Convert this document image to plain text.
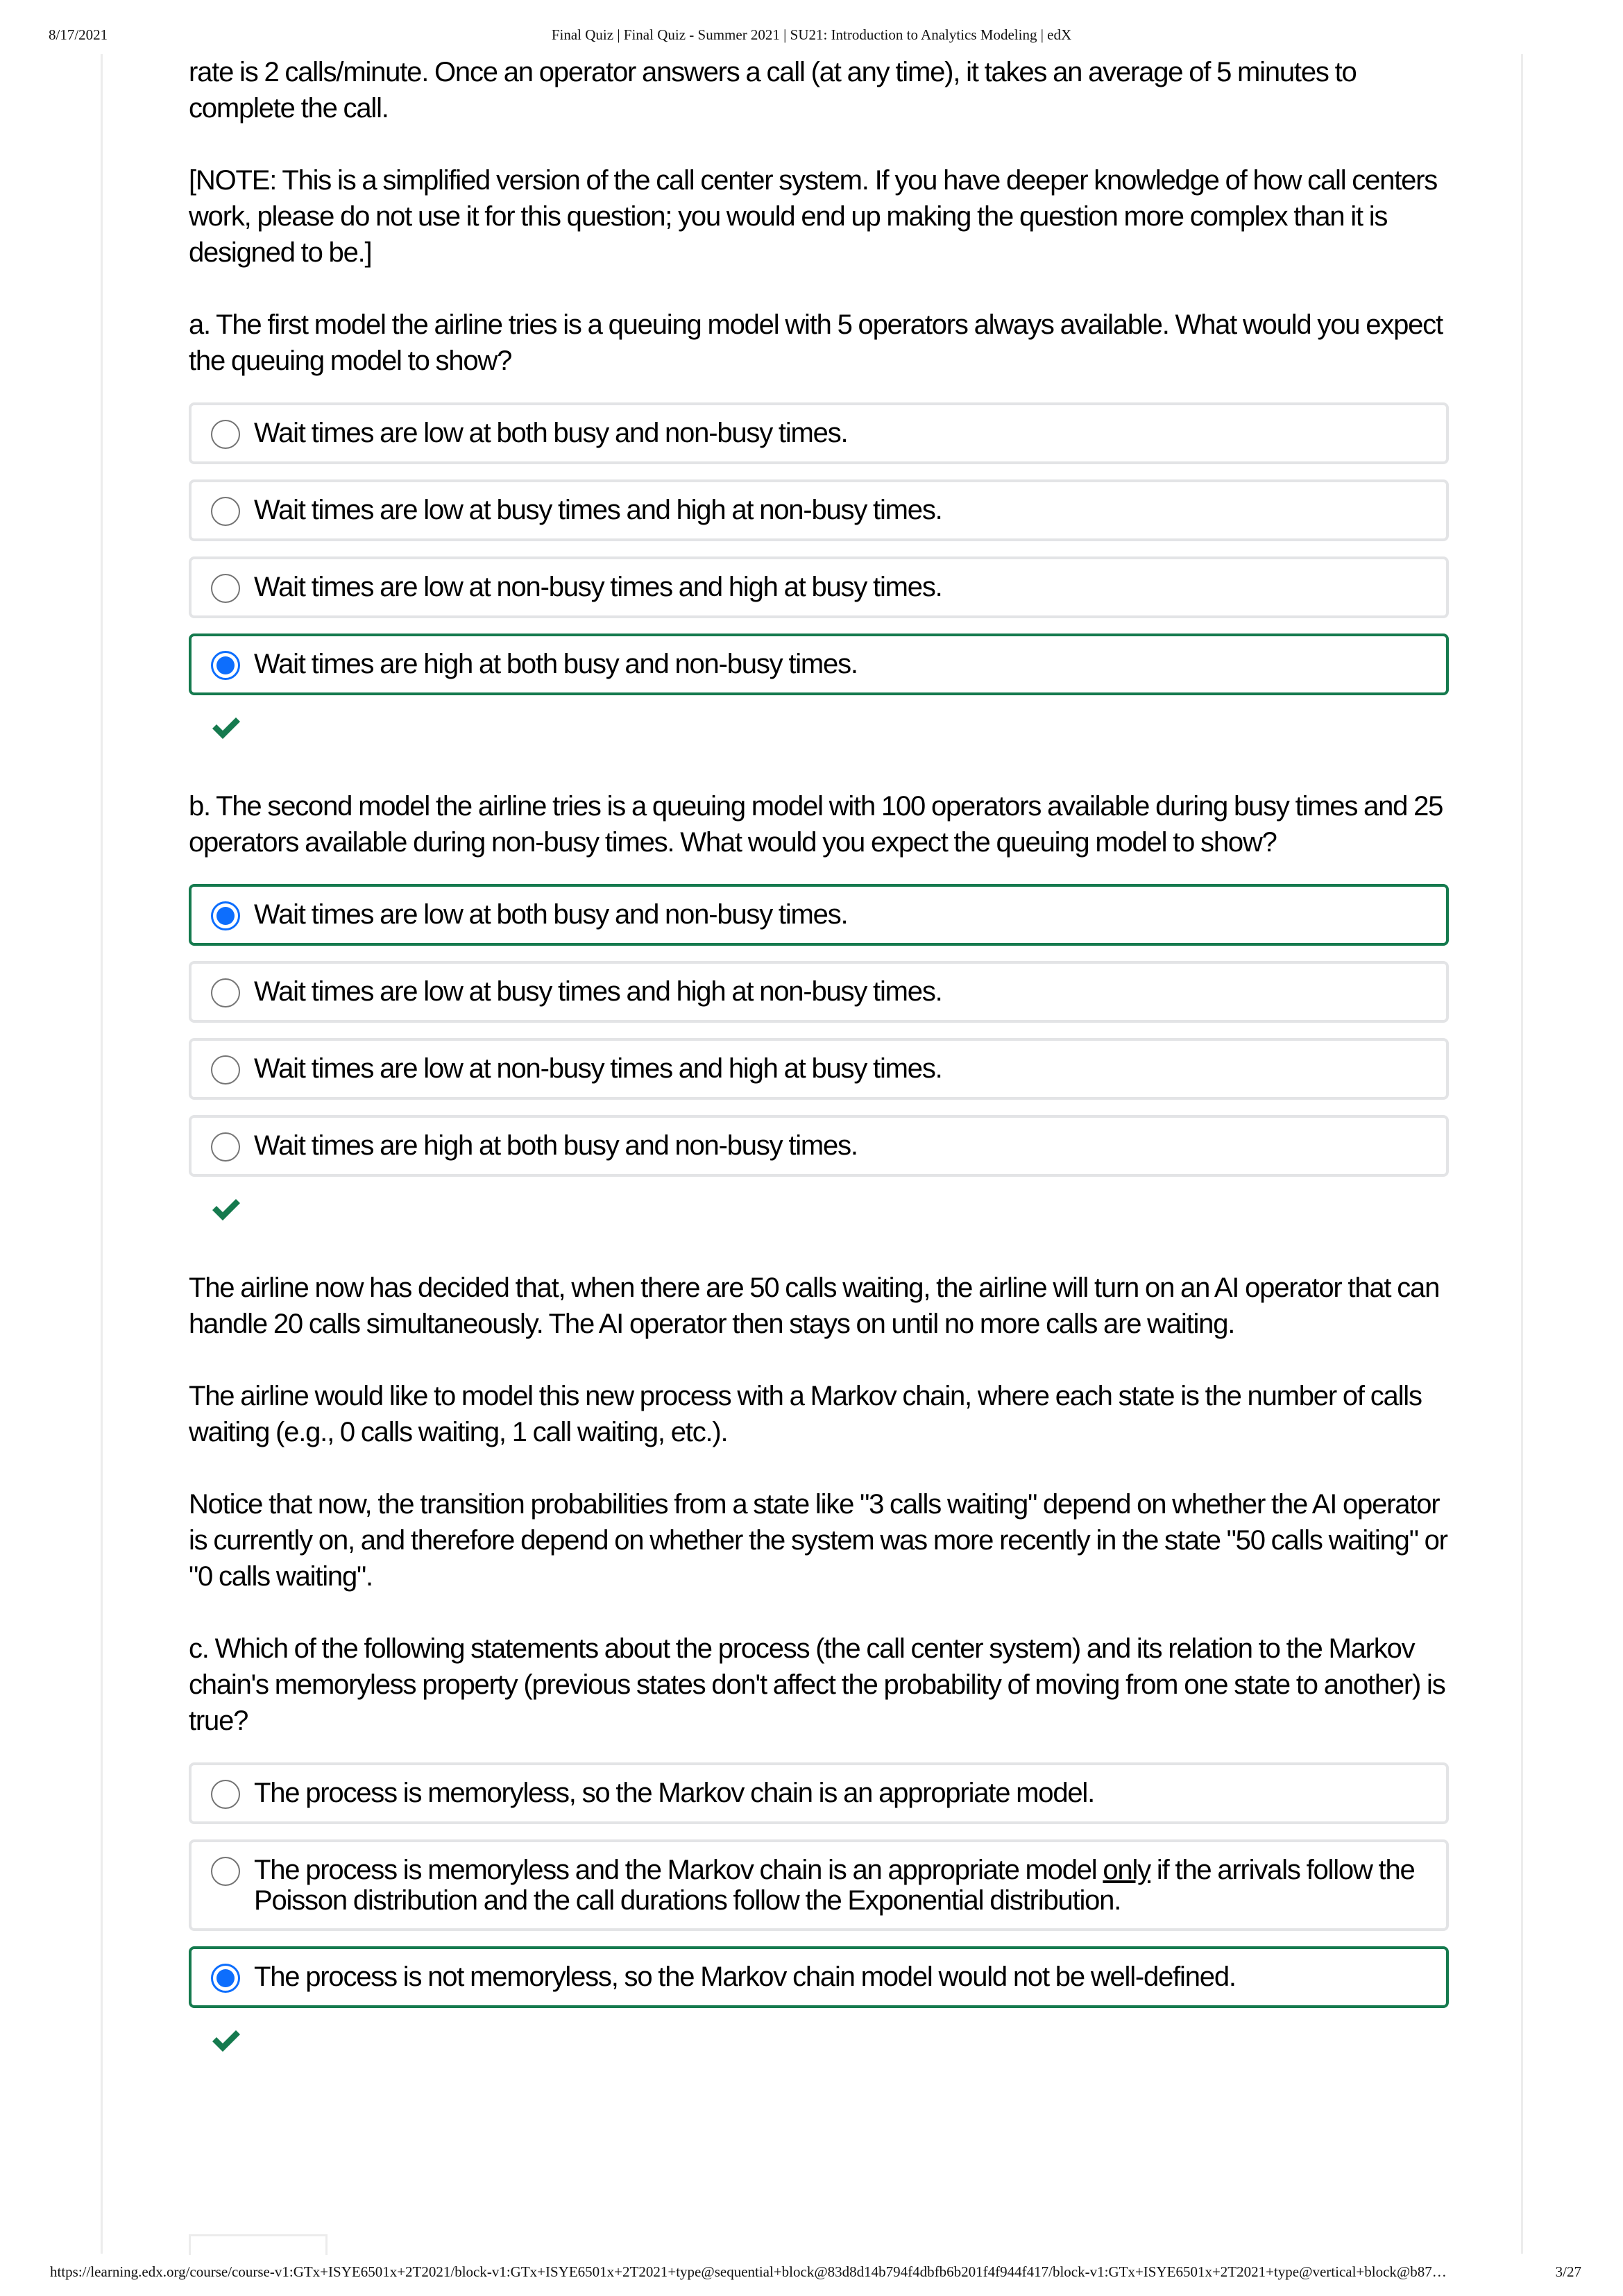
8/17/2021	Final Quiz | Final Quiz - Summer 2021 | SU21: Introduction to Analytics Modeling | edX

rate is 2 calls/minute. Once an operator answers a call (at any time), it takes an average of 5 minutes to complete the call.

[NOTE: This is a simplified version of the call center system. If you have deeper knowledge of how call centers work, please do not use it for this question; you would end up making the question more complex than it is designed to be.]

a. The first model the airline tries is a queuing model with 5 operators always available. What would you expect the queuing model to show?

Wait times are low at both busy and non-busy times.
Wait times are low at busy times and high at non-busy times.
Wait times are low at non-busy times and high at busy times.
Wait times are high at both busy and non-busy times.

b. The second model the airline tries is a queuing model with 100 operators available during busy times and 25 operators available during non-busy times. What would you expect the queuing model to show?

Wait times are low at both busy and non-busy times.
Wait times are low at busy times and high at non-busy times.
Wait times are low at non-busy times and high at busy times.
Wait times are high at both busy and non-busy times.

The airline now has decided that, when there are 50 calls waiting, the airline will turn on an AI operator that can handle 20 calls simultaneously. The AI operator then stays on until no more calls are waiting.

The airline would like to model this new process with a Markov chain, where each state is the number of calls waiting (e.g., 0 calls waiting, 1 call waiting, etc.).

Notice that now, the transition probabilities from a state like "3 calls waiting" depend on whether the AI operator is currently on, and therefore depend on whether the system was more recently in the state "50 calls waiting" or "0 calls waiting".

c. Which of the following statements about the process (the call center system) and its relation to the Markov chain's memoryless property (previous states don't affect the probability of moving from one state to another) is true?

The process is memoryless, so the Markov chain is an appropriate model.
The process is memoryless and the Markov chain is an appropriate model only if the arrivals follow the Poisson distribution and the call durations follow the Exponential distribution.
The process is not memoryless, so the Markov chain model would not be well-defined.
https://learning.edx.org/course/course-v1:GTx+ISYE6501x+2T2021/block-v1:GTx+ISYE6501x+2T2021+type@sequential+block@83d8d14b794f4dbfb6b201f4f944f417/block-v1:GTx+ISYE6501x+2T2021+type@vertical+block@b87…	3/27
